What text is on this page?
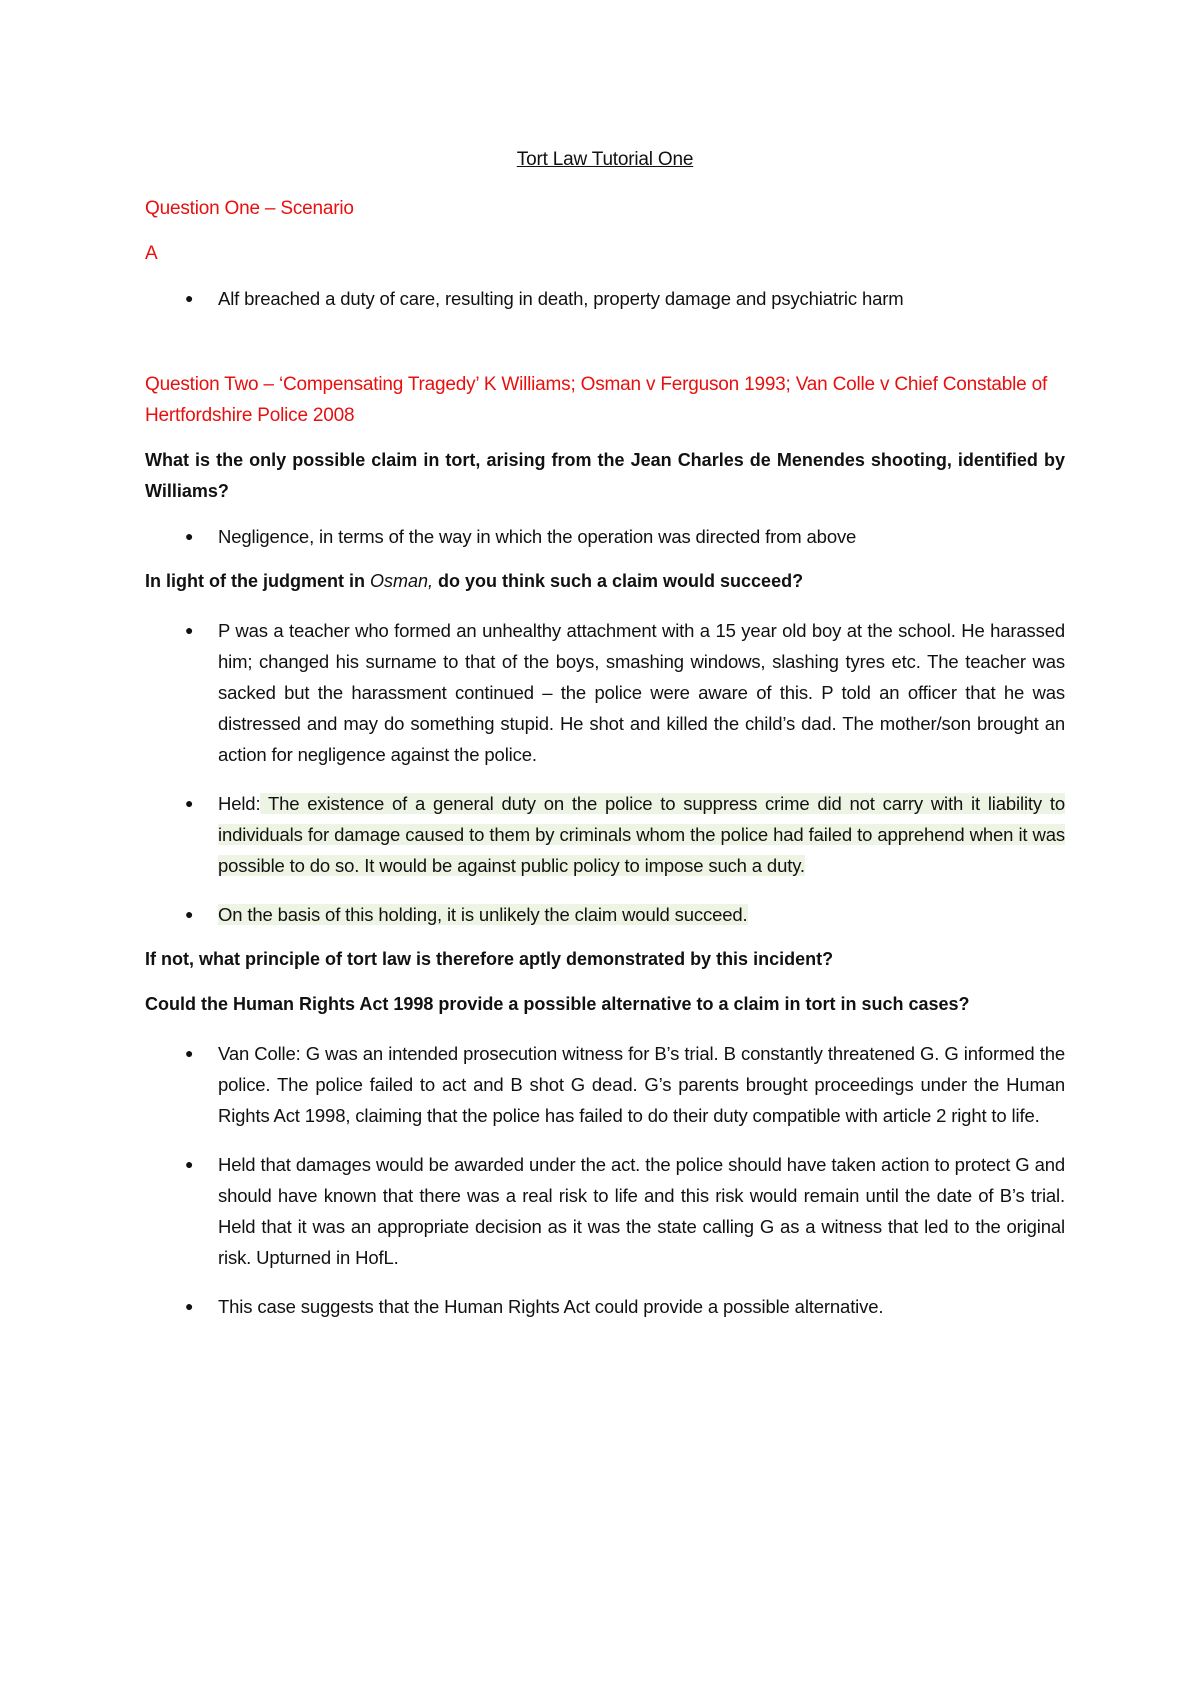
Tort Law Tutorial One

Question One – Scenario

A

● Alf breached a duty of care, resulting in death, property damage and psychiatric harm

Question Two – ‘Compensating Tragedy’ K Williams; Osman v Ferguson 1993; Van Colle v Chief Constable of Hertfordshire Police 2008

What is the only possible claim in tort, arising from the Jean Charles de Menendes shooting, identified by Williams?

● Negligence, in terms of the way in which the operation was directed from above

In light of the judgment in Osman, do you think such a claim would succeed?

● P was a teacher who formed an unhealthy attachment with a 15 year old boy at the school. He harassed him; changed his surname to that of the boys, smashing windows, slashing tyres etc. The teacher was sacked but the harassment continued – the police were aware of this. P told an officer that he was distressed and may do something stupid. He shot and killed the child’s dad. The mother/son brought an action for negligence against the police.
● Held: The existence of a general duty on the police to suppress crime did not carry with it liability to individuals for damage caused to them by criminals whom the police had failed to apprehend when it was possible to do so. It would be against public policy to impose such a duty.
● On the basis of this holding, it is unlikely the claim would succeed.

If not, what principle of tort law is therefore aptly demonstrated by this incident?

Could the Human Rights Act 1998 provide a possible alternative to a claim in tort in such cases?

● Van Colle: G was an intended prosecution witness for B’s trial. B constantly threatened G. G informed the police. The police failed to act and B shot G dead. G’s parents brought proceedings under the Human Rights Act 1998, claiming that the police has failed to do their duty compatible with article 2 right to life.
● Held that damages would be awarded under the act. the police should have taken action to protect G and should have known that there was a real risk to life and this risk would remain until the date of B’s trial. Held that it was an appropriate decision as it was the state calling G as a witness that led to the original risk. Upturned in HofL.
● This case suggests that the Human Rights Act could provide a possible alternative.
